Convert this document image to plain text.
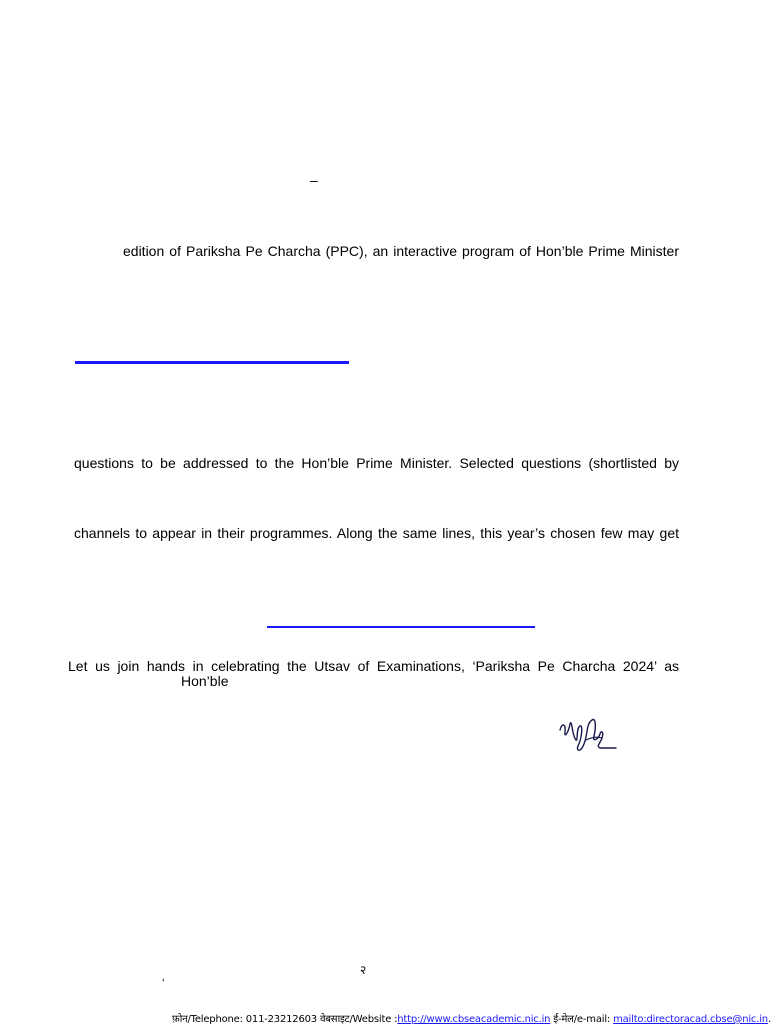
–
edition of Pariksha Pe Charcha (PPC), an interactive program of Hon’ble Prime Minister
questions to be addressed to the Hon’ble Prime Minister. Selected questions (shortlisted by
channels to appear in their programmes. Along the same lines, this year’s chosen few may get
Let us join hands in celebrating the Utsav of Examinations, ‘Pariksha Pe Charcha 2024’ as
Hon’ble
२
‘
फ़ोन/Telephone: 011-23212603 वेबसाइट/Website :http://www.cbseacademic.nic.in ई-मेल/e-mail: mailto:directoracad.cbse@nic.in.
